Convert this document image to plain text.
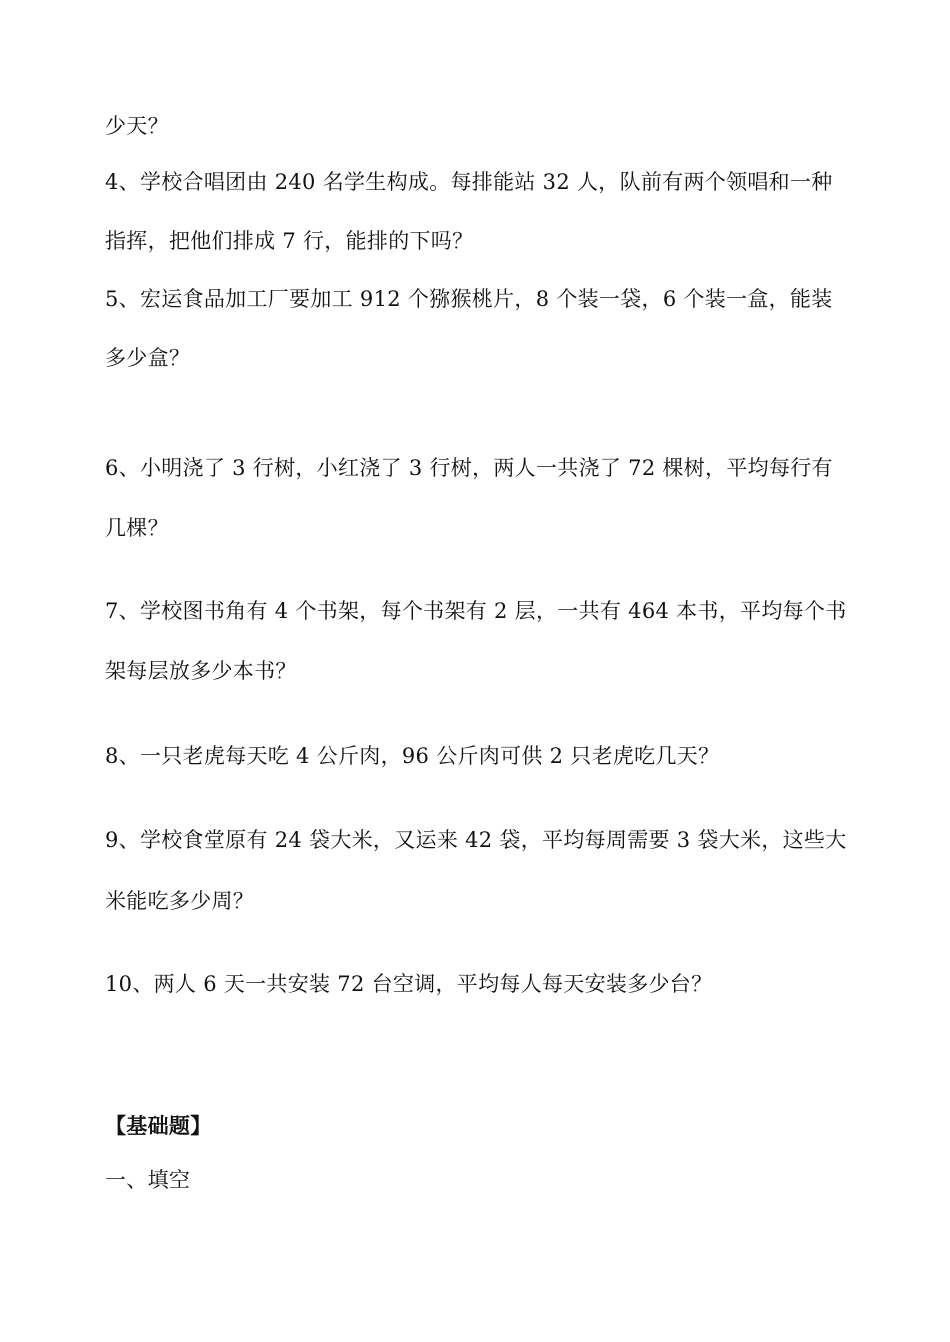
少天？
4、学校合唱团由 240 名学生构成。每排能站 32 人，队前有两个领唱和一种
指挥，把他们排成 7 行，能排的下吗？
5、宏运食品加工厂要加工 912 个猕猴桃片，8 个装一袋，6 个装一盒，能装
多少盒？
6、小明浇了 3 行树，小红浇了 3 行树，两人一共浇了 72 棵树，平均每行有
几棵？
7、学校图书角有 4 个书架，每个书架有 2 层，一共有 464 本书，平均每个书
架每层放多少本书？
8、一只老虎每天吃 4 公斤肉，96 公斤肉可供 2 只老虎吃几天？
9、学校食堂原有 24 袋大米，又运来 42 袋，平均每周需要 3 袋大米，这些大
米能吃多少周？
10、两人 6 天一共安装 72 台空调，平均每人每天安装多少台？
【基础题】
一、填空
